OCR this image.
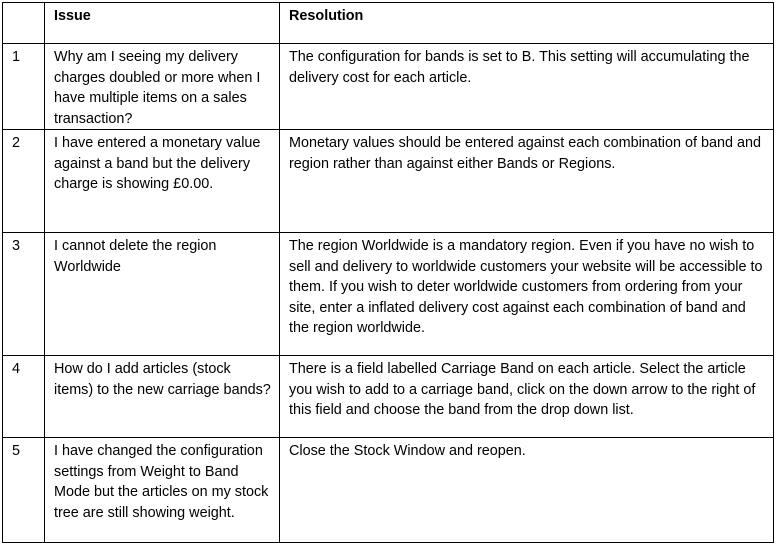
	Issue	Resolution
1	Why am I seeing my delivery charges doubled or more when I have multiple items on a sales transaction?	The configuration for bands is set to B. This setting will accumulating the delivery cost for each article.
2	I have entered a monetary value against a band but the delivery charge is showing £0.00.	Monetary values should be entered against each combination of band and region rather than against either Bands or Regions.
3	I cannot delete the region Worldwide	The region Worldwide is a mandatory region. Even if you have no wish to sell and delivery to worldwide customers your website will be accessible to them. If you wish to deter worldwide customers from ordering from your site, enter a inflated delivery cost against each combination of band and the region worldwide.
4	How do I add articles (stock items) to the new carriage bands?	There is a field labelled Carriage Band on each article. Select the article you wish to add to a carriage band, click on the down arrow to the right of this field and choose the band from the drop down list.
5	I have changed the configuration settings from Weight to Band Mode but the articles on my stock tree are still showing weight.	Close the Stock Window and reopen.
